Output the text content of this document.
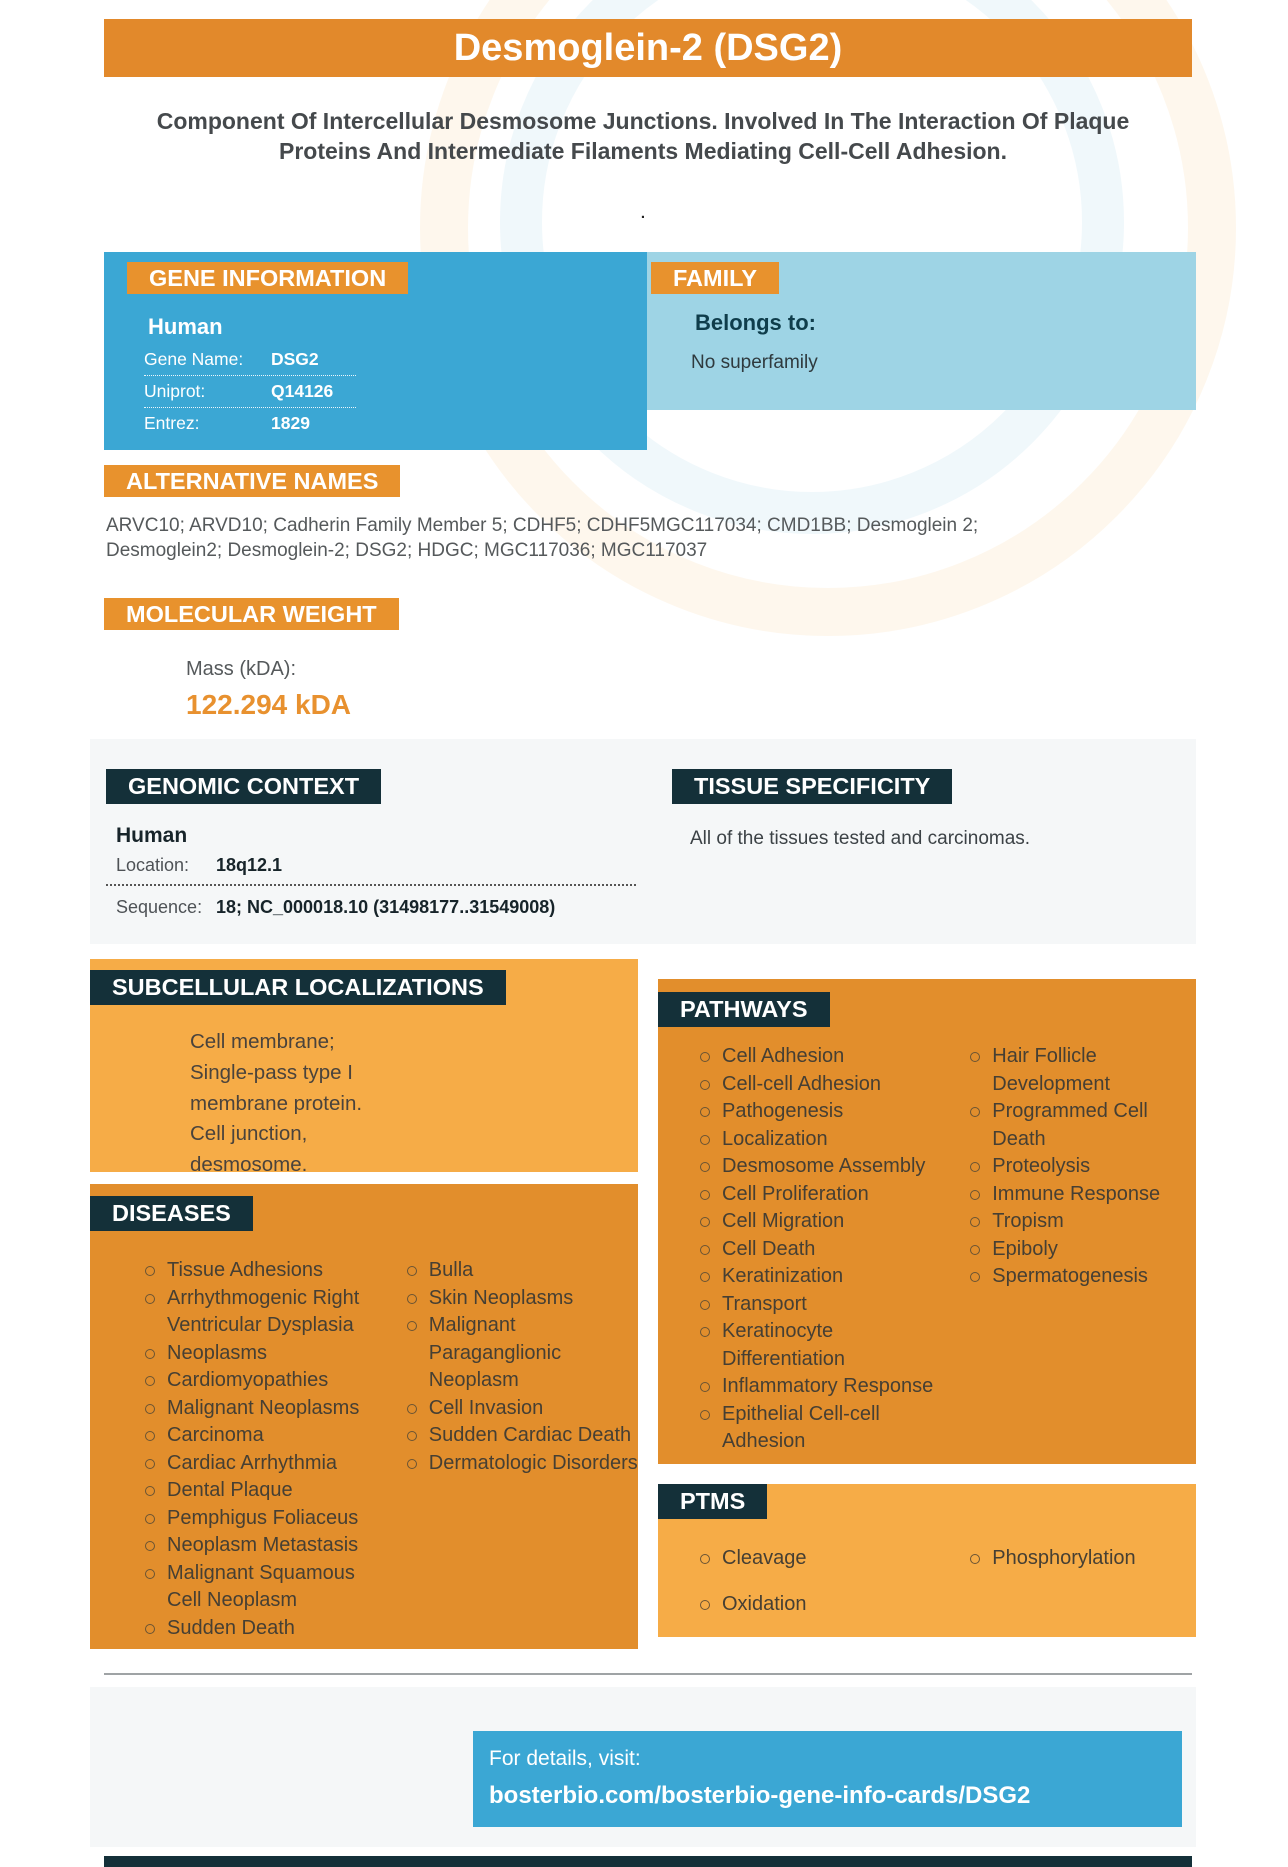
Desmoglein-2 (DSG2)

Component Of Intercellular Desmosome Junctions. Involved In The Interaction Of Plaque Proteins And Intermediate Filaments Mediating Cell-Cell Adhesion.

.
GENE INFORMATION
Human
Gene Name:	DSG2
Uniprot:	Q14126
Entrez:	1829
FAMILY
Belongs to:
No superfamily
ALTERNATIVE NAMES

ARVC10; ARVD10; Cadherin Family Member 5; CDHF5; CDHF5MGC117034; CMD1BB; Desmoglein 2; Desmoglein2; Desmoglein-2; DSG2; HDGC; MGC117036; MGC117037

MOLECULAR WEIGHT
Mass (kDA):
122.294 kDA
GENOMIC CONTEXT
Human
Location:	18q12.1
Sequence: 18; NC_000018.10 (31498177..31549008)
TISSUE SPECIFICITY

All of the tissues tested and carcinomas.

SUBCELLULAR LOCALIZATIONS

Cell membrane; Single-pass type I membrane protein. Cell junction, desmosome.

DISEASES
Tissue Adhesions
Arrhythmogenic Right Ventricular Dysplasia
Neoplasms
Cardiomyopathies
Malignant Neoplasms
Carcinoma
Cardiac Arrhythmia
Dental Plaque
Pemphigus Foliaceus
Neoplasm Metastasis
Malignant Squamous Cell Neoplasm
Sudden Death
Bulla
Skin Neoplasms
Malignant Paraganglionic Neoplasm
Cell Invasion
Sudden Cardiac Death
Dermatologic Disorders
PATHWAYS
Cell Adhesion
Cell-cell Adhesion
Pathogenesis
Localization
Desmosome Assembly
Cell Proliferation
Cell Migration
Cell Death
Keratinization
Transport
Keratinocyte Differentiation
Inflammatory Response
Epithelial Cell-cell Adhesion
Hair Follicle Development
Programmed Cell Death
Proteolysis
Immune Response
Tropism
Epiboly
Spermatogenesis
PTMS
Cleavage
Oxidation
Phosphorylation
For details, visit:
bosterbio.com/bosterbio-gene-info-cards/DSG2
